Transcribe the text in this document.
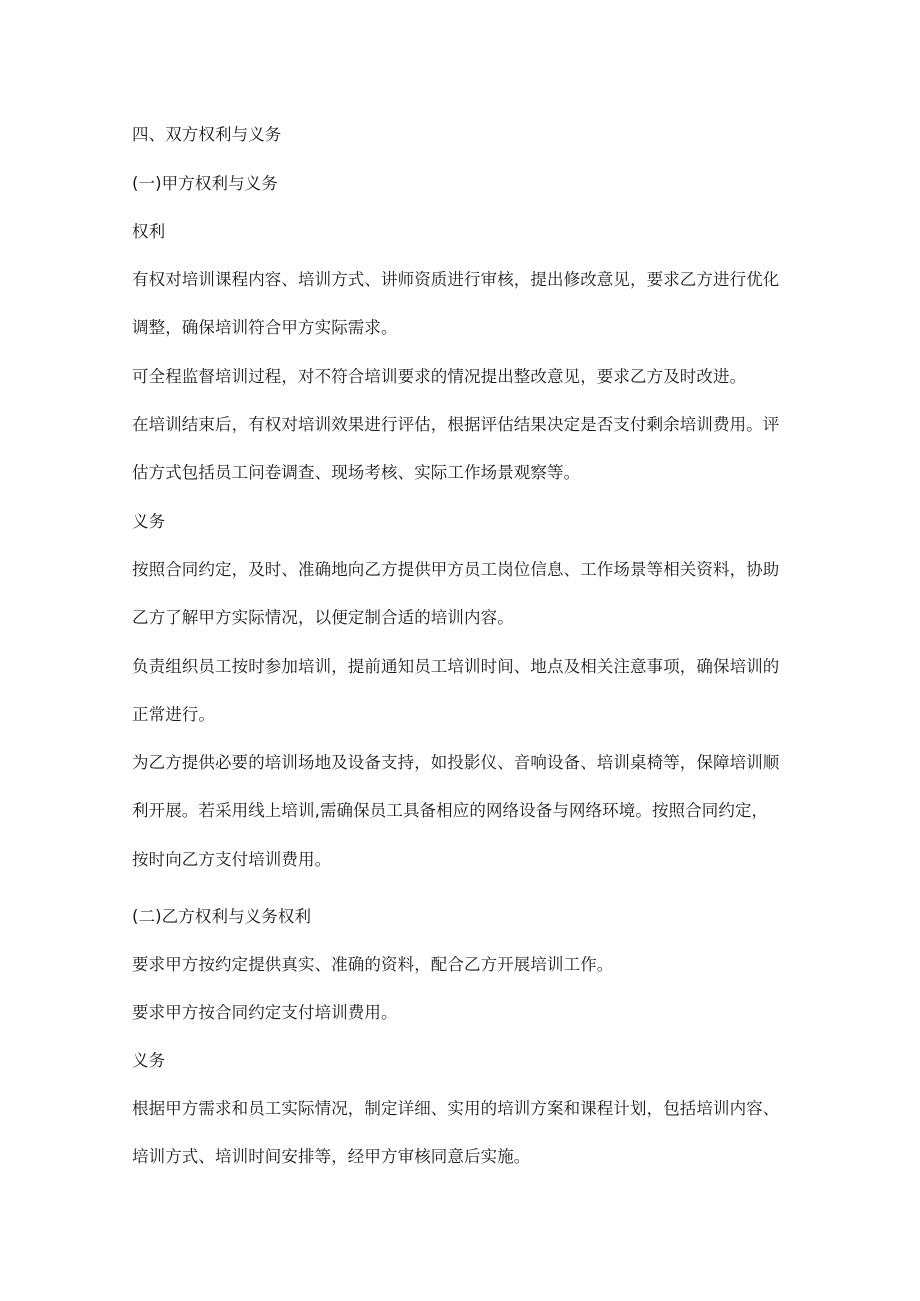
四、双方权利与义务
(一)甲方权利与义务
权利
有权对培训课程内容、培训方式、讲师资质进行审核，提出修改意见，要求乙方进行优化
调整，确保培训符合甲方实际需求。
可全程监督培训过程，对不符合培训要求的情况提出整改意见，要求乙方及时改进。
在培训结束后，有权对培训效果进行评估，根据评估结果决定是否支付剩余培训费用。评
估方式包括员工问卷调查、现场考核、实际工作场景观察等。
义务
按照合同约定，及时、准确地向乙方提供甲方员工岗位信息、工作场景等相关资料，协助
乙方了解甲方实际情况，以便定制合适的培训内容。
负责组织员工按时参加培训，提前通知员工培训时间、地点及相关注意事项，确保培训的
正常进行。
为乙方提供必要的培训场地及设备支持，如投影仪、音响设备、培训桌椅等，保障培训顺
利开展。若采用线上培训,需确保员工具备相应的网络设备与网络环境。按照合同约定，
按时向乙方支付培训费用。
(二)乙方权利与义务权利
要求甲方按约定提供真实、准确的资料，配合乙方开展培训工作。
要求甲方按合同约定支付培训费用。
义务
根据甲方需求和员工实际情况，制定详细、实用的培训方案和课程计划，包括培训内容、
培训方式、培训时间安排等，经甲方审核同意后实施。
